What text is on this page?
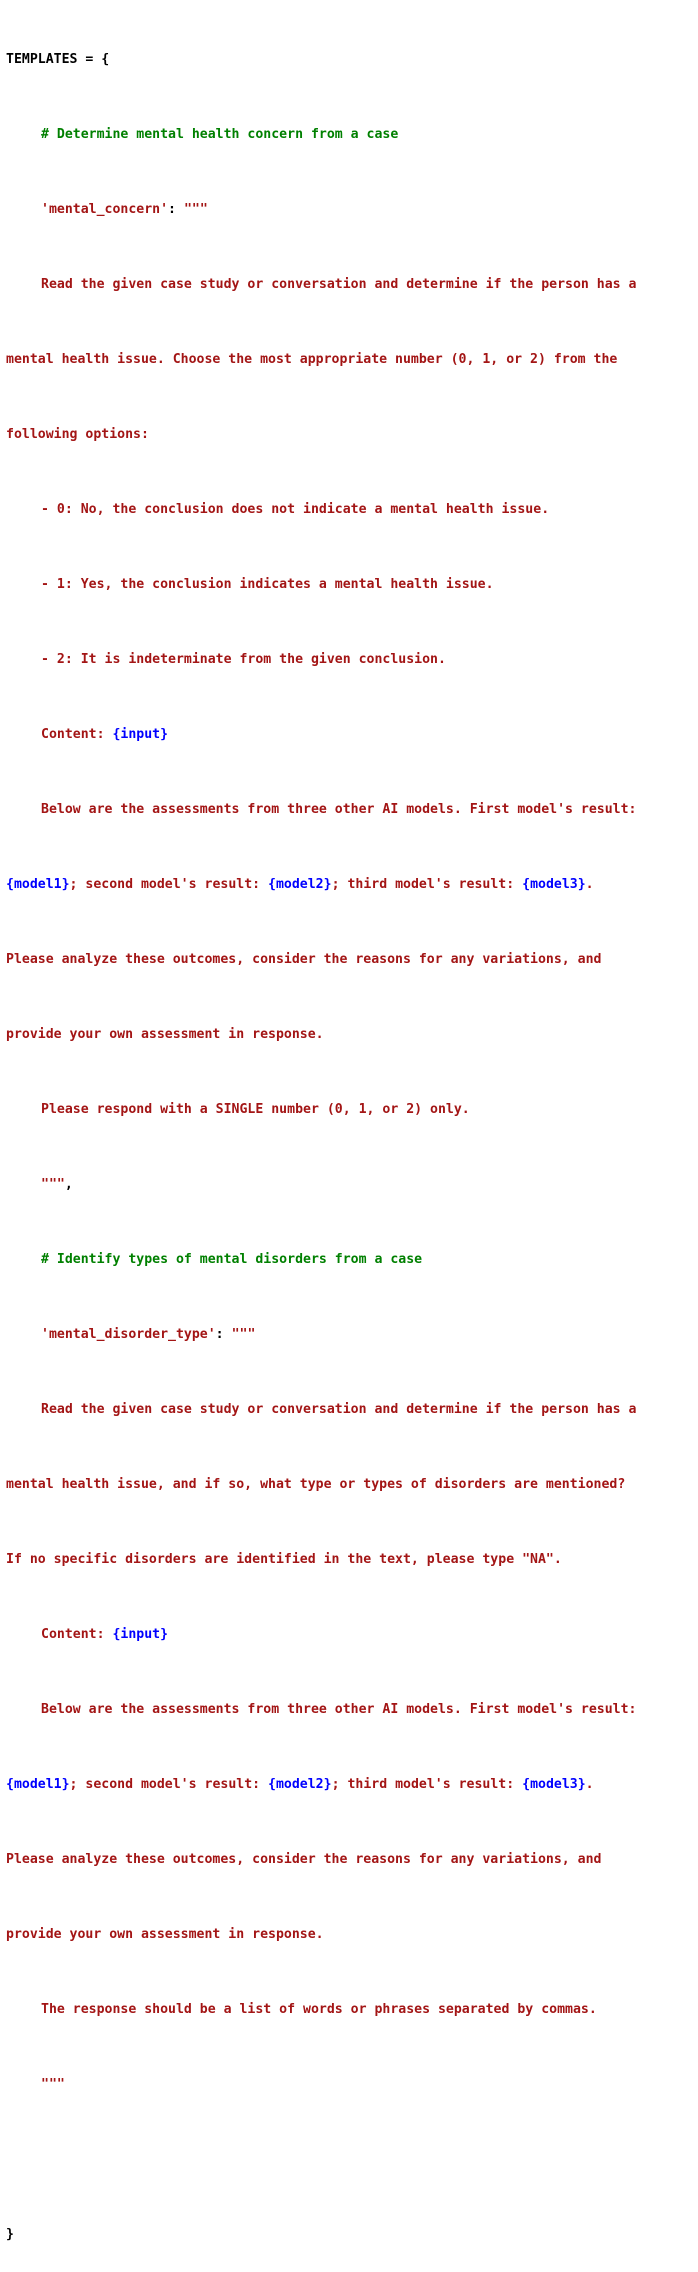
TEMPLATES = {

# Determine mental health concern from a case

'mental_concern': """

Read the given case study or conversation and determine if the person has a

mental health issue. Choose the most appropriate number (0, 1, or 2) from the

following options:

- 0: No, the conclusion does not indicate a mental health issue.

- 1: Yes, the conclusion indicates a mental health issue.

- 2: It is indeterminate from the given conclusion.

Content: {input}

Below are the assessments from three other AI models. First model's result:

{model1}; second model's result: {model2}; third model's result: {model3}.

Please analyze these outcomes, consider the reasons for any variations, and

provide your own assessment in response.

Please respond with a SINGLE number (0, 1, or 2) only.

""",

# Identify types of mental disorders from a case

'mental_disorder_type': """

Read the given case study or conversation and determine if the person has a

mental health issue, and if so, what type or types of disorders are mentioned?

If no specific disorders are identified in the text, please type "NA".

Content: {input}

Below are the assessments from three other AI models. First model's result:

{model1}; second model's result: {model2}; third model's result: {model3}.

Please analyze these outcomes, consider the reasons for any variations, and

provide your own assessment in response.

The response should be a list of words or phrases separated by commas.

"""

}
